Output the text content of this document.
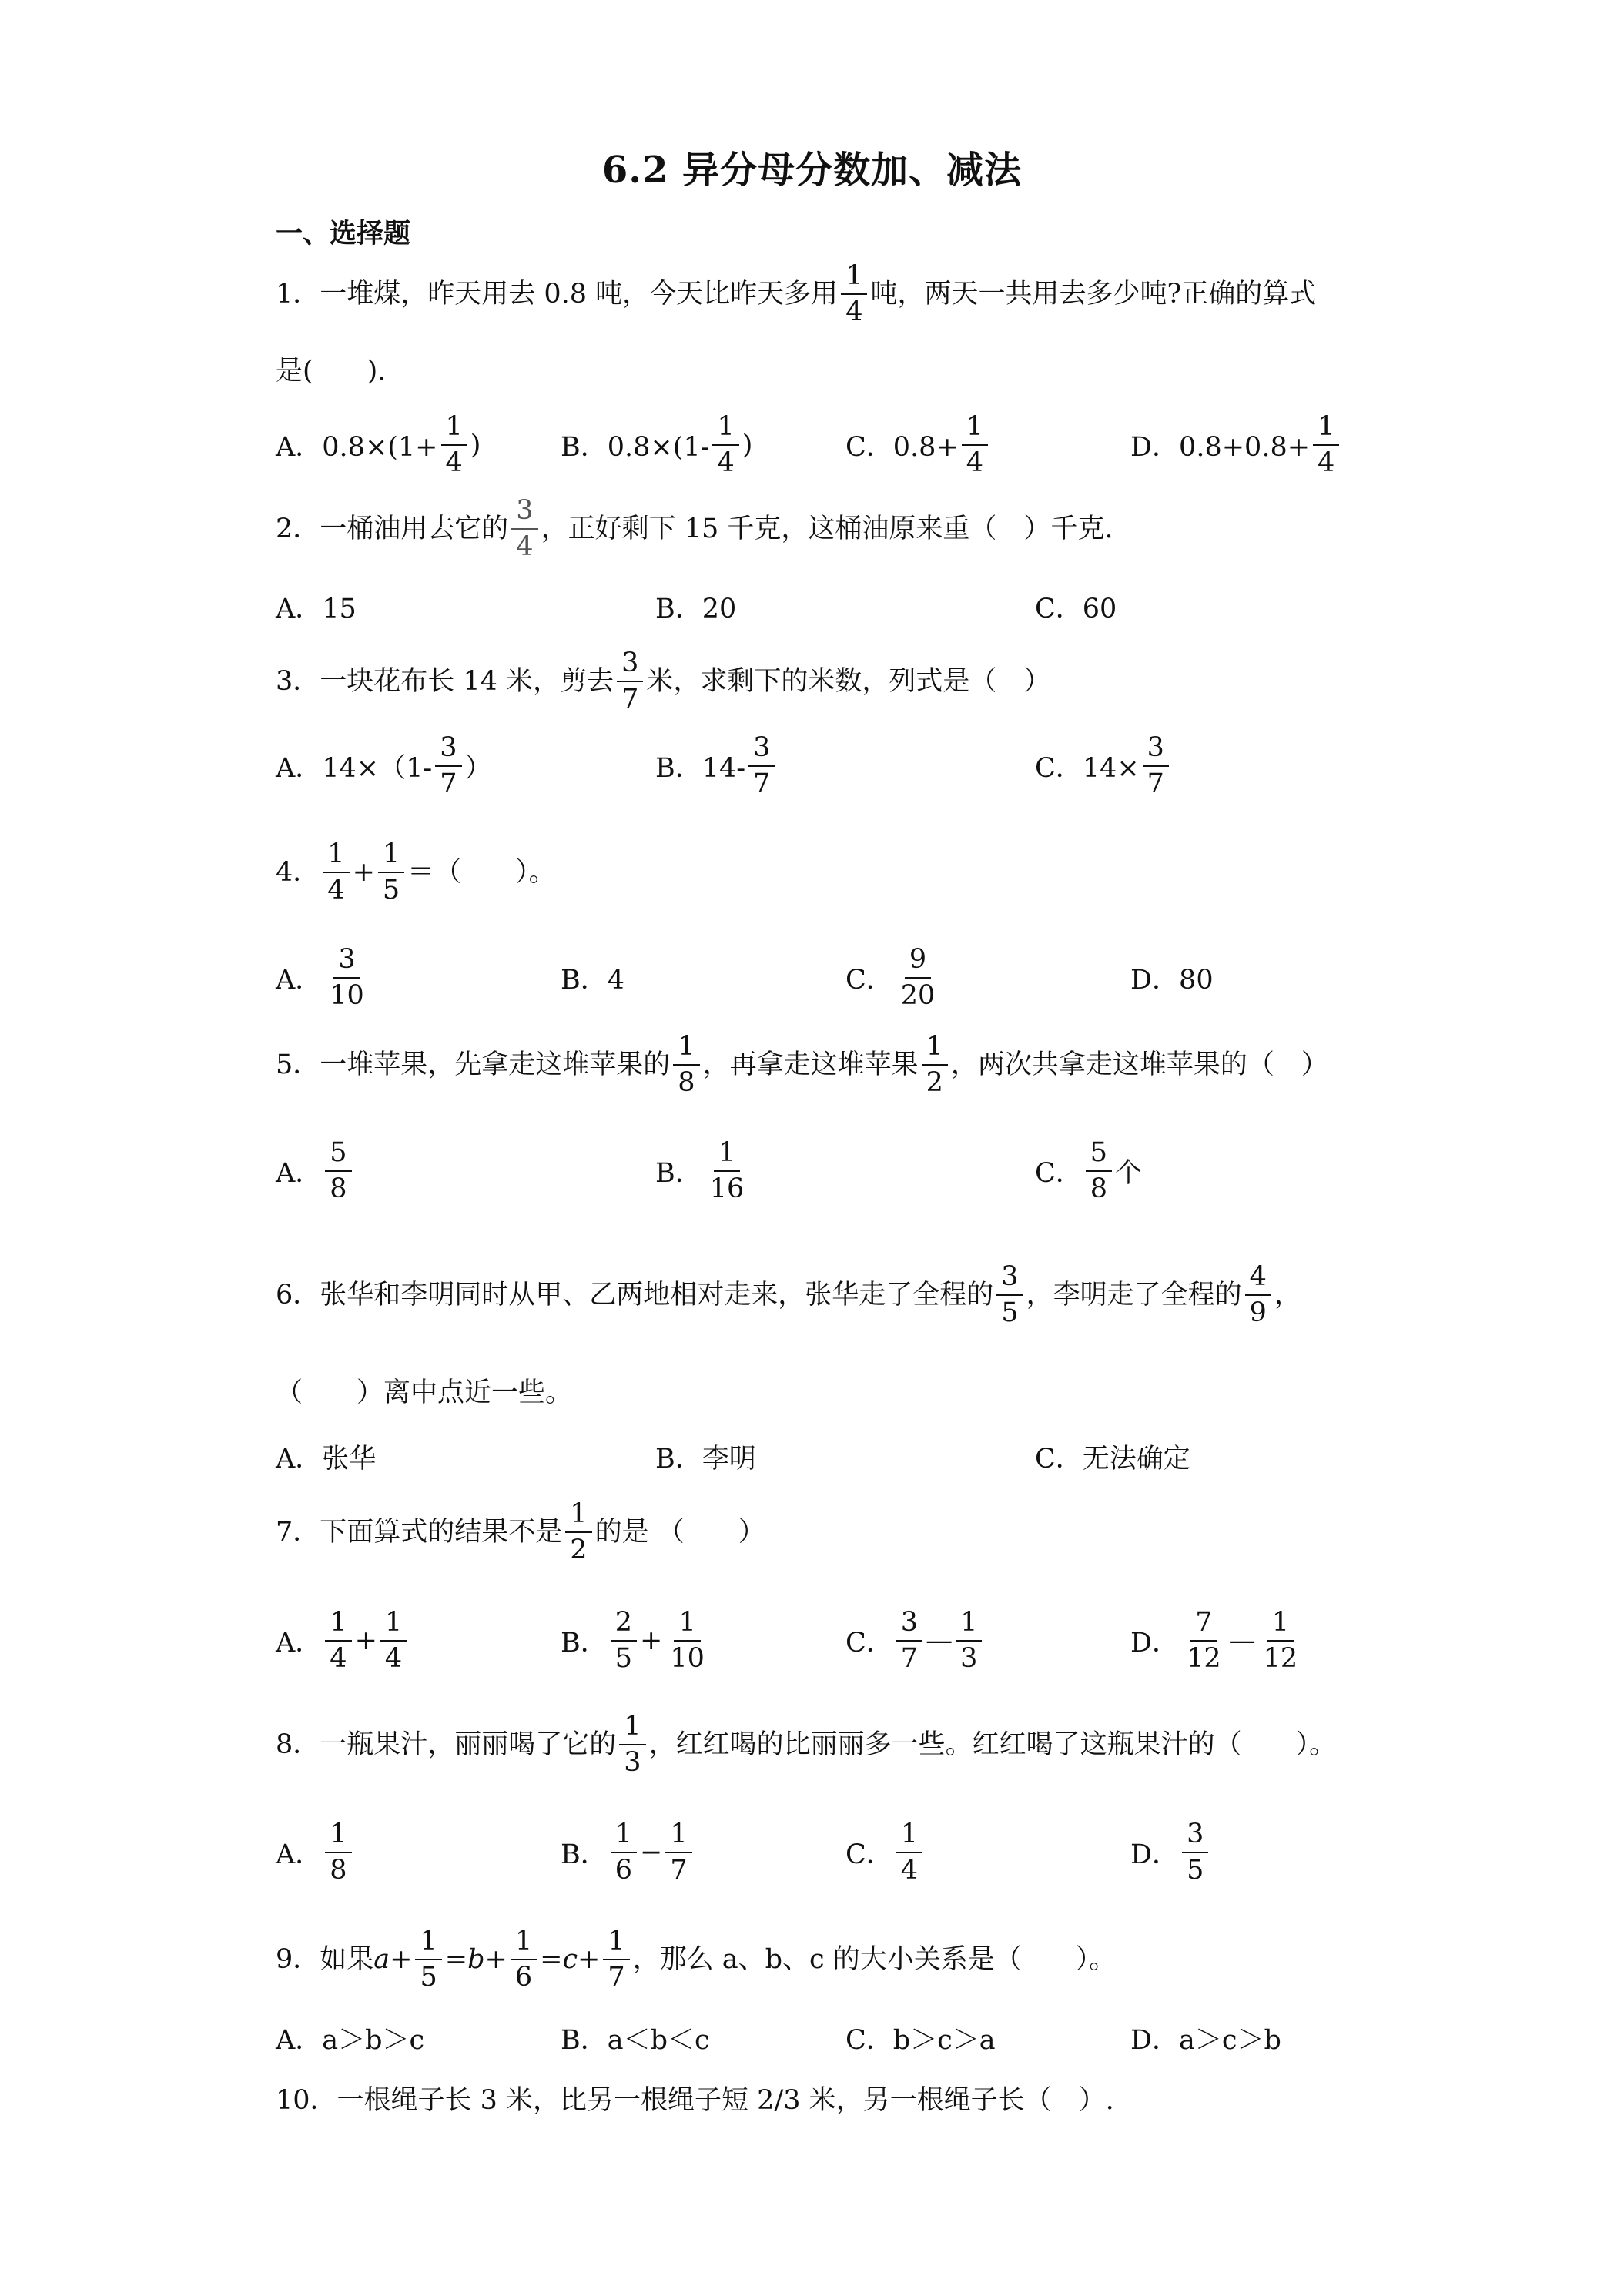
6.2 异分母分数加、减法
一、选择题
1．一堆煤，昨天用去 0.8 吨，今天比昨天多用 $\frac{1}{4}$ 吨，两天一共用去多少吨?正确的算式
是(　　).
A．$0.8\times(1+ \frac{1}{4}$ )	B．$0.8\times(1- \frac{1}{4}$ )	C．$0.8+ \frac{1}{4}$	D．$0.8+0.8+ \frac{1}{4}$
2．一桶油用去它的 $\frac{3}{4}$ ，正好剩下 15 千克，这桶油原来重（　）千克.
A．15	B．20	C．60
3．一块花布长 14 米，剪去 $\frac{3}{7}$ 米，求剩下的米数，列式是（　）
A．$14\times(1- \frac{3}{7}$ ）	B．$14- \frac{3}{7}$	C．$14\times \frac{3}{7}$
4． $\frac{1}{4} + \frac{1}{5}$ ＝（　　）。
A． $\frac{3}{10}$	B．4	C． $\frac{9}{20}$	D．80
5．一堆苹果，先拿走这堆苹果的 $\frac{1}{8}$ ，再拿走这堆苹果 $\frac{1}{2}$ ，两次共拿走这堆苹果的（　）
A． $\frac{5}{8}$	B． $\frac{1}{16}$	C． $\frac{5}{8}$ 个
6．张华和李明同时从甲、乙两地相对走来，张华走了全程的 $\frac{3}{5}$ ，李明走了全程的 $\frac{4}{9}$ ，
（　　）离中点近一些。
A．张华	B．李明	C．无法确定
7．下面算式的结果不是 $\frac{1}{2}$ 的是 （　　）
A． $\frac{1}{4} + \frac{1}{4}$	B． $\frac{2}{5} + \frac{1}{10}$	C． $\frac{3}{7}$ — $\frac{1}{3}$	D． $\frac{7}{12}$ — $\frac{1}{12}$
8．一瓶果汁，丽丽喝了它的 $\frac{1}{3}$ ，红红喝的比丽丽多一些。红红喝了这瓶果汁的（　　）。
A． $\frac{1}{8}$	B． $\frac{1}{6} - \frac{1}{7}$	C． $\frac{1}{4}$	D． $\frac{3}{5}$
9．如果 $a + \frac{1}{5} = b + \frac{1}{6} = c + \frac{1}{7}$ ，那么 a、b、c 的大小关系是（　　）。
A．a＞b＞c	B．a＜b＜c	C．b＞c＞a	D．a＞c＞b
10．一根绳子长 3 米，比另一根绳子短 2/3 米，另一根绳子长（　）.
